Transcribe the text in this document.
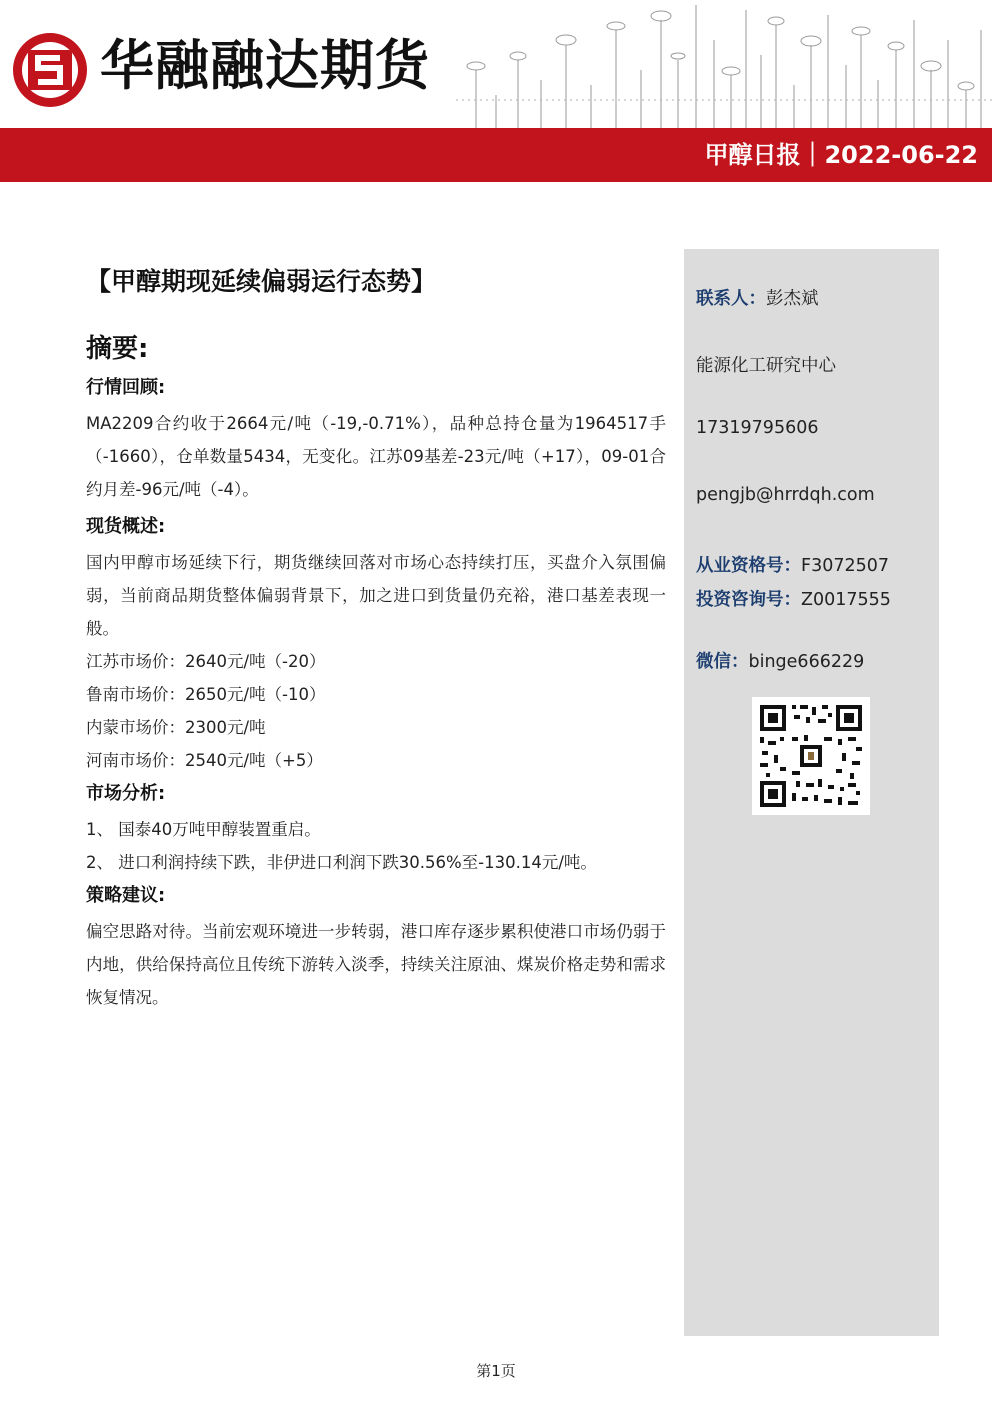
华融融达期货
甲醇日报｜2022-06-22
【甲醇期现延续偏弱运行态势】
摘要:
行情回顾:

MA2209合约收于2664元/吨（-19,-0.71%），品种总持仓量为1964517手（-1660），仓单数量5434，无变化。江苏09基差-23元/吨（+17），09-01合约月差-96元/吨（-4）。

现货概述:

国内甲醇市场延续下行，期货继续回落对市场心态持续打压，买盘介入氛围偏弱，当前商品期货整体偏弱背景下，加之进口到货量仍充裕，港口基差表现一般。

江苏市场价：2640元/吨（-20）

鲁南市场价：2650元/吨（-10）

内蒙市场价：2300元/吨

河南市场价：2540元/吨（+5）

市场分析:

1、 国泰40万吨甲醇装置重启。

2、 进口利润持续下跌，非伊进口利润下跌30.56%至-130.14元/吨。

策略建议:

偏空思路对待。当前宏观环境进一步转弱，港口库存逐步累积使港口市场仍弱于内地，供给保持高位且传统下游转入淡季，持续关注原油、煤炭价格走势和需求恢复情况。

联系人：彭杰斌
能源化工研究中心
17319795606
pengjb@hrrdqh.com
从业资格号：F3072507
投资咨询号：Z0017555
微信：binge666229
第1页
